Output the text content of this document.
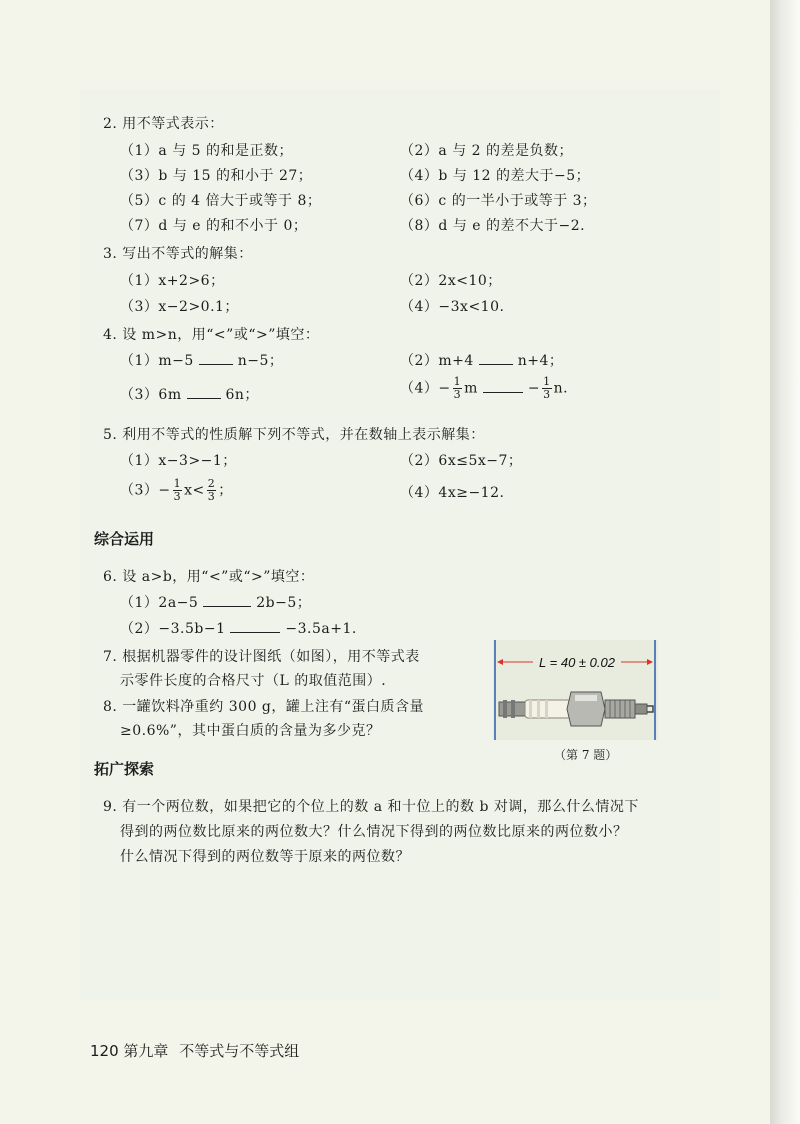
2. 用不等式表示：
（1）a 与 5 的和是正数；	（2）a 与 2 的差是负数；
（3）b 与 15 的和小于 27；	（4）b 与 12 的差大于−5；
（5）c 的 4 倍大于或等于 8；	（6）c 的一半小于或等于 3；
（7）d 与 e 的和不小于 0；	（8）d 与 e 的差不大于−2.
3. 写出不等式的解集：
（1）x+2>6；	（2）2x<10；
（3）x−2>0.1；	（4）−3x<10.
4. 设 m>n，用“<”或“>”填空：
（1）m−5	n−5；	（2）m+4	n+4；
（3）6m	6n；	$(4)- \frac{1}{3}$ m	− $\frac{1}{3} n$.
5. 利用不等式的性质解下列不等式，并在数轴上表示解集：
（1）x−3>−1；	（2）6x≤5x−7；
$(3)- \frac{1}{3} x< \frac{2}{3}$ ；	（4）4x≥−12.
综合运用
6. 设 a>b，用“<”或“>”填空：
（1）2a−5	2b−5；
（2）−3.5b−1	−3.5a+1.
7. 根据机器零件的设计图纸（如图），用不等式表
示零件长度的合格尺寸（L 的取值范围）.
8. 一罐饮料净重约 300 g，罐上注有“蛋白质含量
≥0.6%”，其中蛋白质的含量为多少克？
L = 40 ± 0.02
（第 7 题）
拓广探索
9. 有一个两位数，如果把它的个位上的数 a 和十位上的数 b 对调，那么什么情况下
得到的两位数比原来的两位数大？什么情况下得到的两位数比原来的两位数小？
什么情况下得到的两位数等于原来的两位数？
120 第九章 不等式与不等式组
